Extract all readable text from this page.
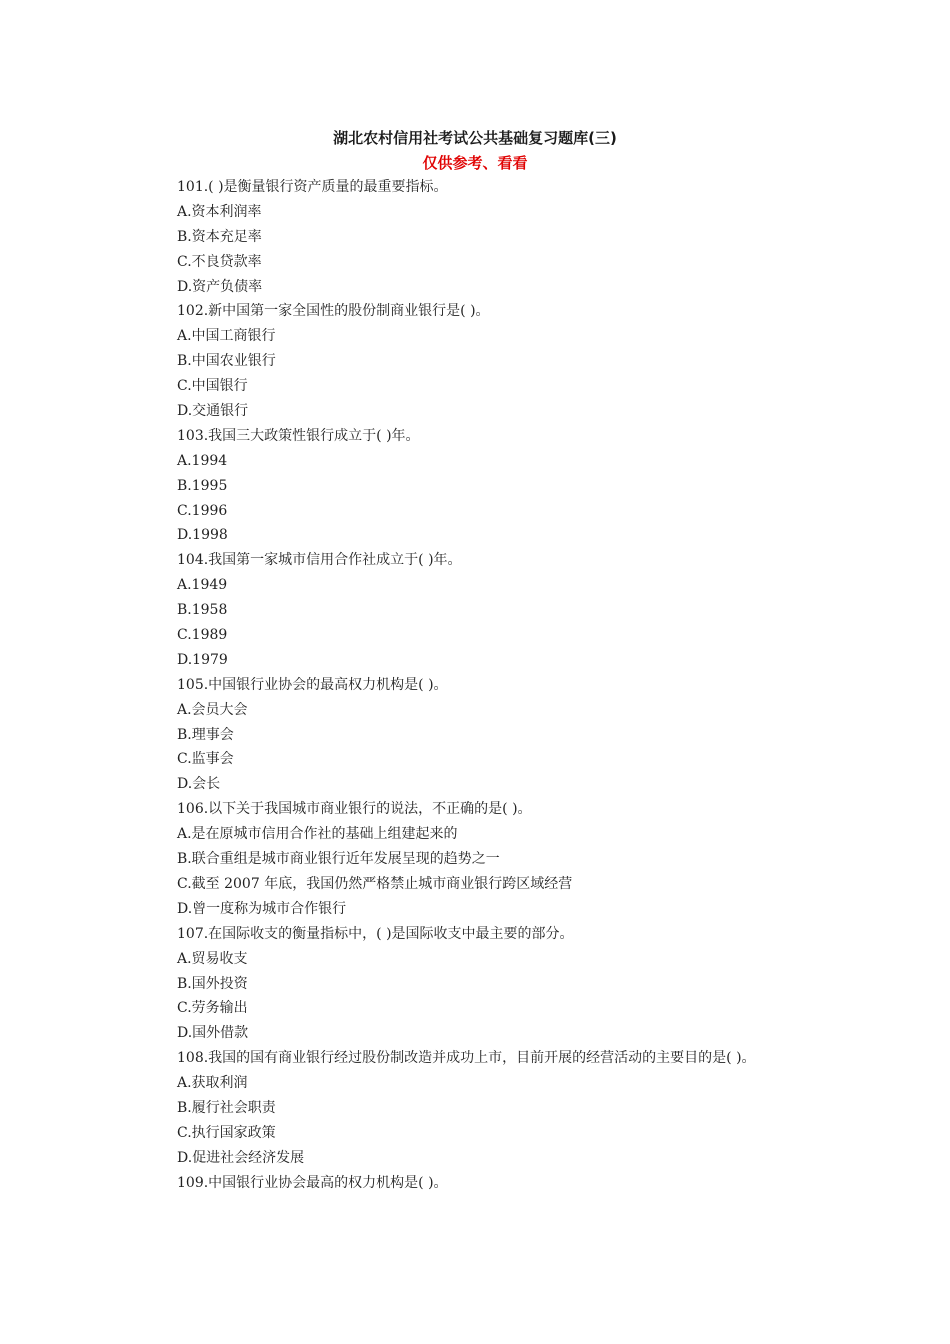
湖北农村信用社考试公共基础复习题库(三)
仅供参考、看看
101.( )是衡量银行资产质量的最重要指标。
A.资本利润率
B.资本充足率
C.不良贷款率
D.资产负债率
102.新中国第一家全国性的股份制商业银行是( )。
A.中国工商银行
B.中国农业银行
C.中国银行
D.交通银行
103.我国三大政策性银行成立于( )年。
A.1994
B.1995
C.1996
D.1998
104.我国第一家城市信用合作社成立于( )年。
A.1949
B.1958
C.1989
D.1979
105.中国银行业协会的最高权力机构是( )。
A.会员大会
B.理事会
C.监事会
D.会长
106.以下关于我国城市商业银行的说法，不正确的是( )。
A.是在原城市信用合作社的基础上组建起来的
B.联合重组是城市商业银行近年发展呈现的趋势之一
C.截至 2007 年底，我国仍然严格禁止城市商业银行跨区域经营
D.曾一度称为城市合作银行
107.在国际收支的衡量指标中，( )是国际收支中最主要的部分。
A.贸易收支
B.国外投资
C.劳务输出
D.国外借款
108.我国的国有商业银行经过股份制改造并成功上市，目前开展的经营活动的主要目的是( )。
A.获取利润
B.履行社会职责
C.执行国家政策
D.促进社会经济发展
109.中国银行业协会最高的权力机构是( )。
